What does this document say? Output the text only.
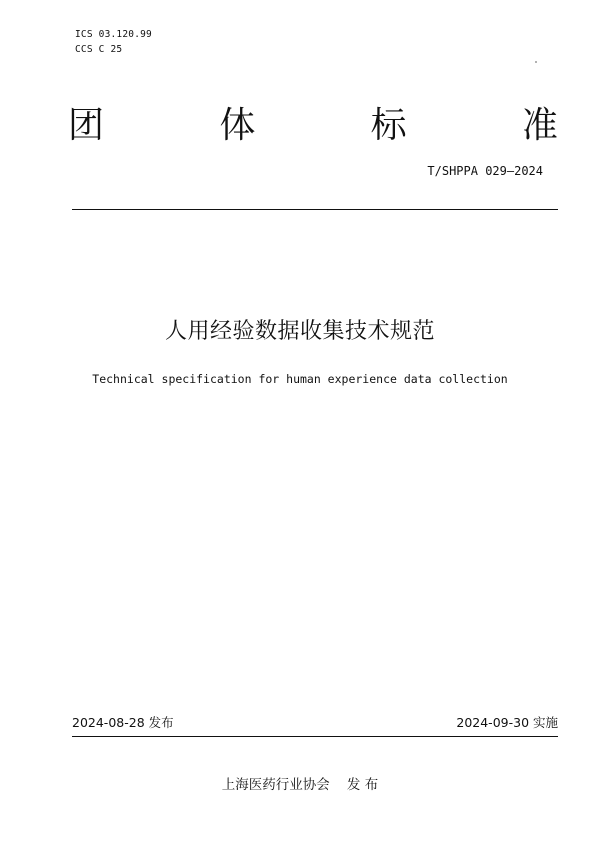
ICS 03.120.99
CCS C 25
团	体	标	准
T/SHPPA 029—2024
人用经验数据收集技术规范
Technical specification for human experience data collection
2024-08-28 发布	2024-09-30 实施
上海医药行业协会    发 布
